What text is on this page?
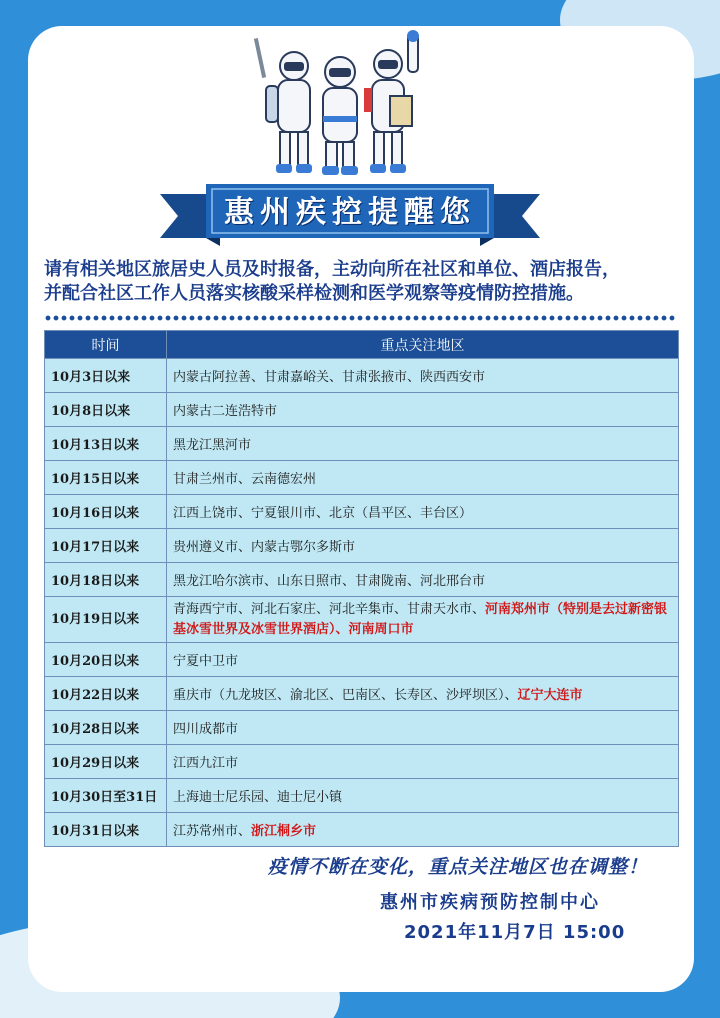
惠州疾控提醒您
请有相关地区旅居史人员及时报备，主动向所在社区和单位、酒店报告，
并配合社区工作人员落实核酸采样检测和医学观察等疫情防控措施。
时间	重点关注地区
10月3日以来	内蒙古阿拉善、甘肃嘉峪关、甘肃张掖市、陕西西安市
10月8日以来	内蒙古二连浩特市
10月13日以来	黑龙江黑河市
10月15日以来	甘肃兰州市、云南德宏州
10月16日以来	江西上饶市、宁夏银川市、北京（昌平区、丰台区）
10月17日以来	贵州遵义市、内蒙古鄂尔多斯市
10月18日以来	黑龙江哈尔滨市、山东日照市、甘肃陇南、河北邢台市
10月19日以来	青海西宁市、河北石家庄、河北辛集市、甘肃天水市、河南郑州市（特别是去过新密银基冰雪世界及冰雪世界酒店）、河南周口市
10月20日以来	宁夏中卫市
10月22日以来	重庆市（九龙坡区、渝北区、巴南区、长寿区、沙坪坝区）、辽宁大连市
10月28日以来	四川成都市
10月29日以来	江西九江市
10月30日至31日	上海迪士尼乐园、迪士尼小镇
10月31日以来	江苏常州市、浙江桐乡市
疫情不断在变化，重点关注地区也在调整！
惠州市疾病预防控制中心
2021年11月7日 15:00
